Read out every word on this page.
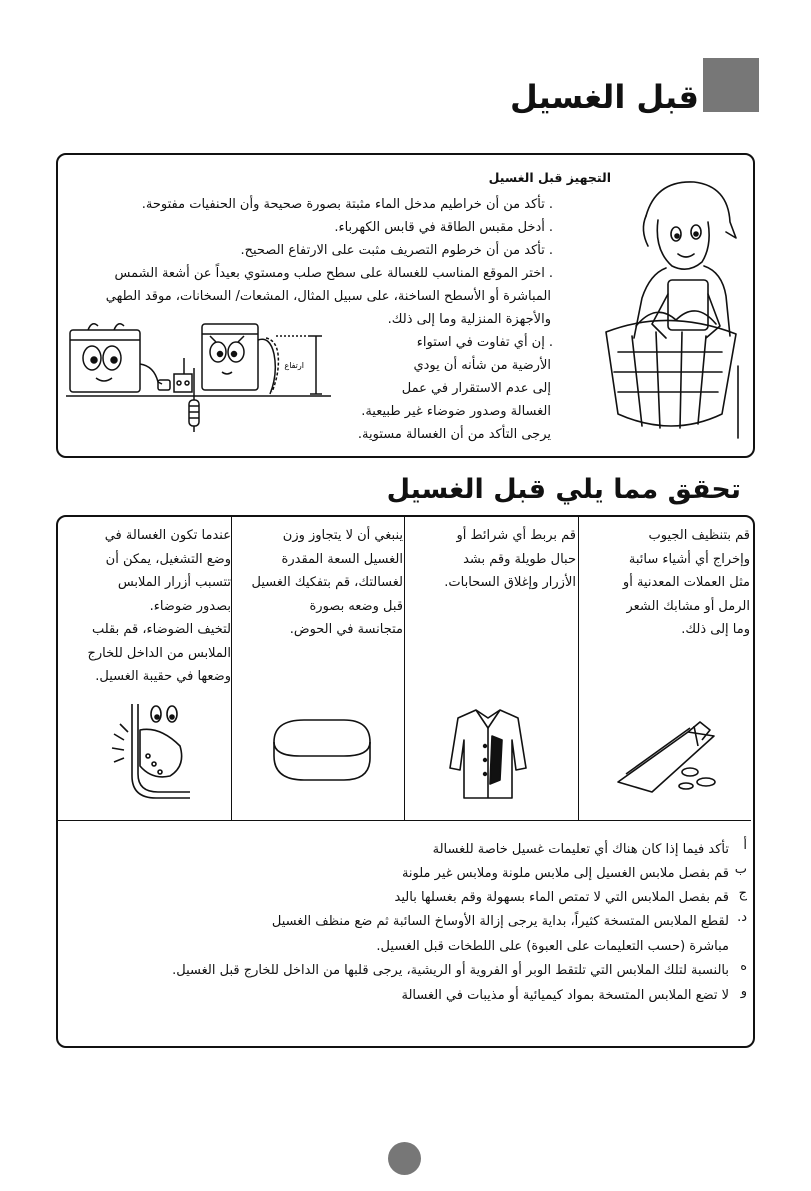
قبل الغسيل
التجهيز قبل الغسيل
.تأكد من أن خراطيم مدخل الماء مثبتة بصورة صحيحة وأن الحنفيات مفتوحة.
.أدخل مقبس الطاقة في قابس الكهرباء.
.تأكد من أن خرطوم التصريف مثبت على الارتفاع الصحيح.
.اختر الموقع المناسب للغسالة على سطح صلب ومستوي بعيداً عن أشعة الشمس
المباشرة أو الأسطح الساخنة، على سبيل المثال، المشعات/ السخانات، موقد الطهي
والأجهزة المنزلية وما إلى ذلك.
.إن أي تفاوت في استواء
الأرضية من شأنه أن يودي
إلى عدم الاستقرار في عمل
الغسالة وصدور ضوضاء غير طبيعية.
يرجى التأكد من أن الغسالة مستوية.
ارتفاع
تحقق مما يلي قبل الغسيل
قم بتنظيف الجيوب
وإخراج أي أشياء سائبة
مثل العملات المعدنية أو
الرمل أو مشابك الشعر
وما إلى ذلك.
قم بربط أي شرائط أو
حبال طويلة وقم بشد
الأزرار وإغلاق السحابات.
ينبغي أن لا يتجاوز وزن
الغسيل السعة المقدرة
لغسالتك، قم بتفكيك الغسيل
قبل وضعه بصورة
متجانسة في الحوض.
عندما تكون الغسالة في
وضع التشغيل، يمكن أن
تتسبب أزرار الملابس
بصدور ضوضاء.
لتخيف الضوضاء، قم بقلب
الملابس من الداخل للخارج
وضعها في حقيبة الغسيل.
تأكد فيما إذا كان هناك أي تعليمات غسيل خاصة للغسالة أ
قم بفصل ملابس الغسيل إلى ملابس ملونة وملابس غير ملونة ب
قم بفصل الملابس التي لا تمتص الماء بسهولة وقم بغسلها باليد ج
لقطع الملابس المتسخة كثيراً، بداية يرجى إزالة الأوساخ السائبة ثم ضع منظف الغسيل د.
مباشرة (حسب التعليمات على العبوة) على اللطخات قبل الغسيل.
بالنسبة لتلك الملابس التي تلتقط الوبر أو الفروية أو الريشية، يرجى قلبها من الداخل للخارج قبل الغسيل. ه
لا تضع الملابس المتسخة بمواد كيميائية أو مذيبات في الغسالة و
